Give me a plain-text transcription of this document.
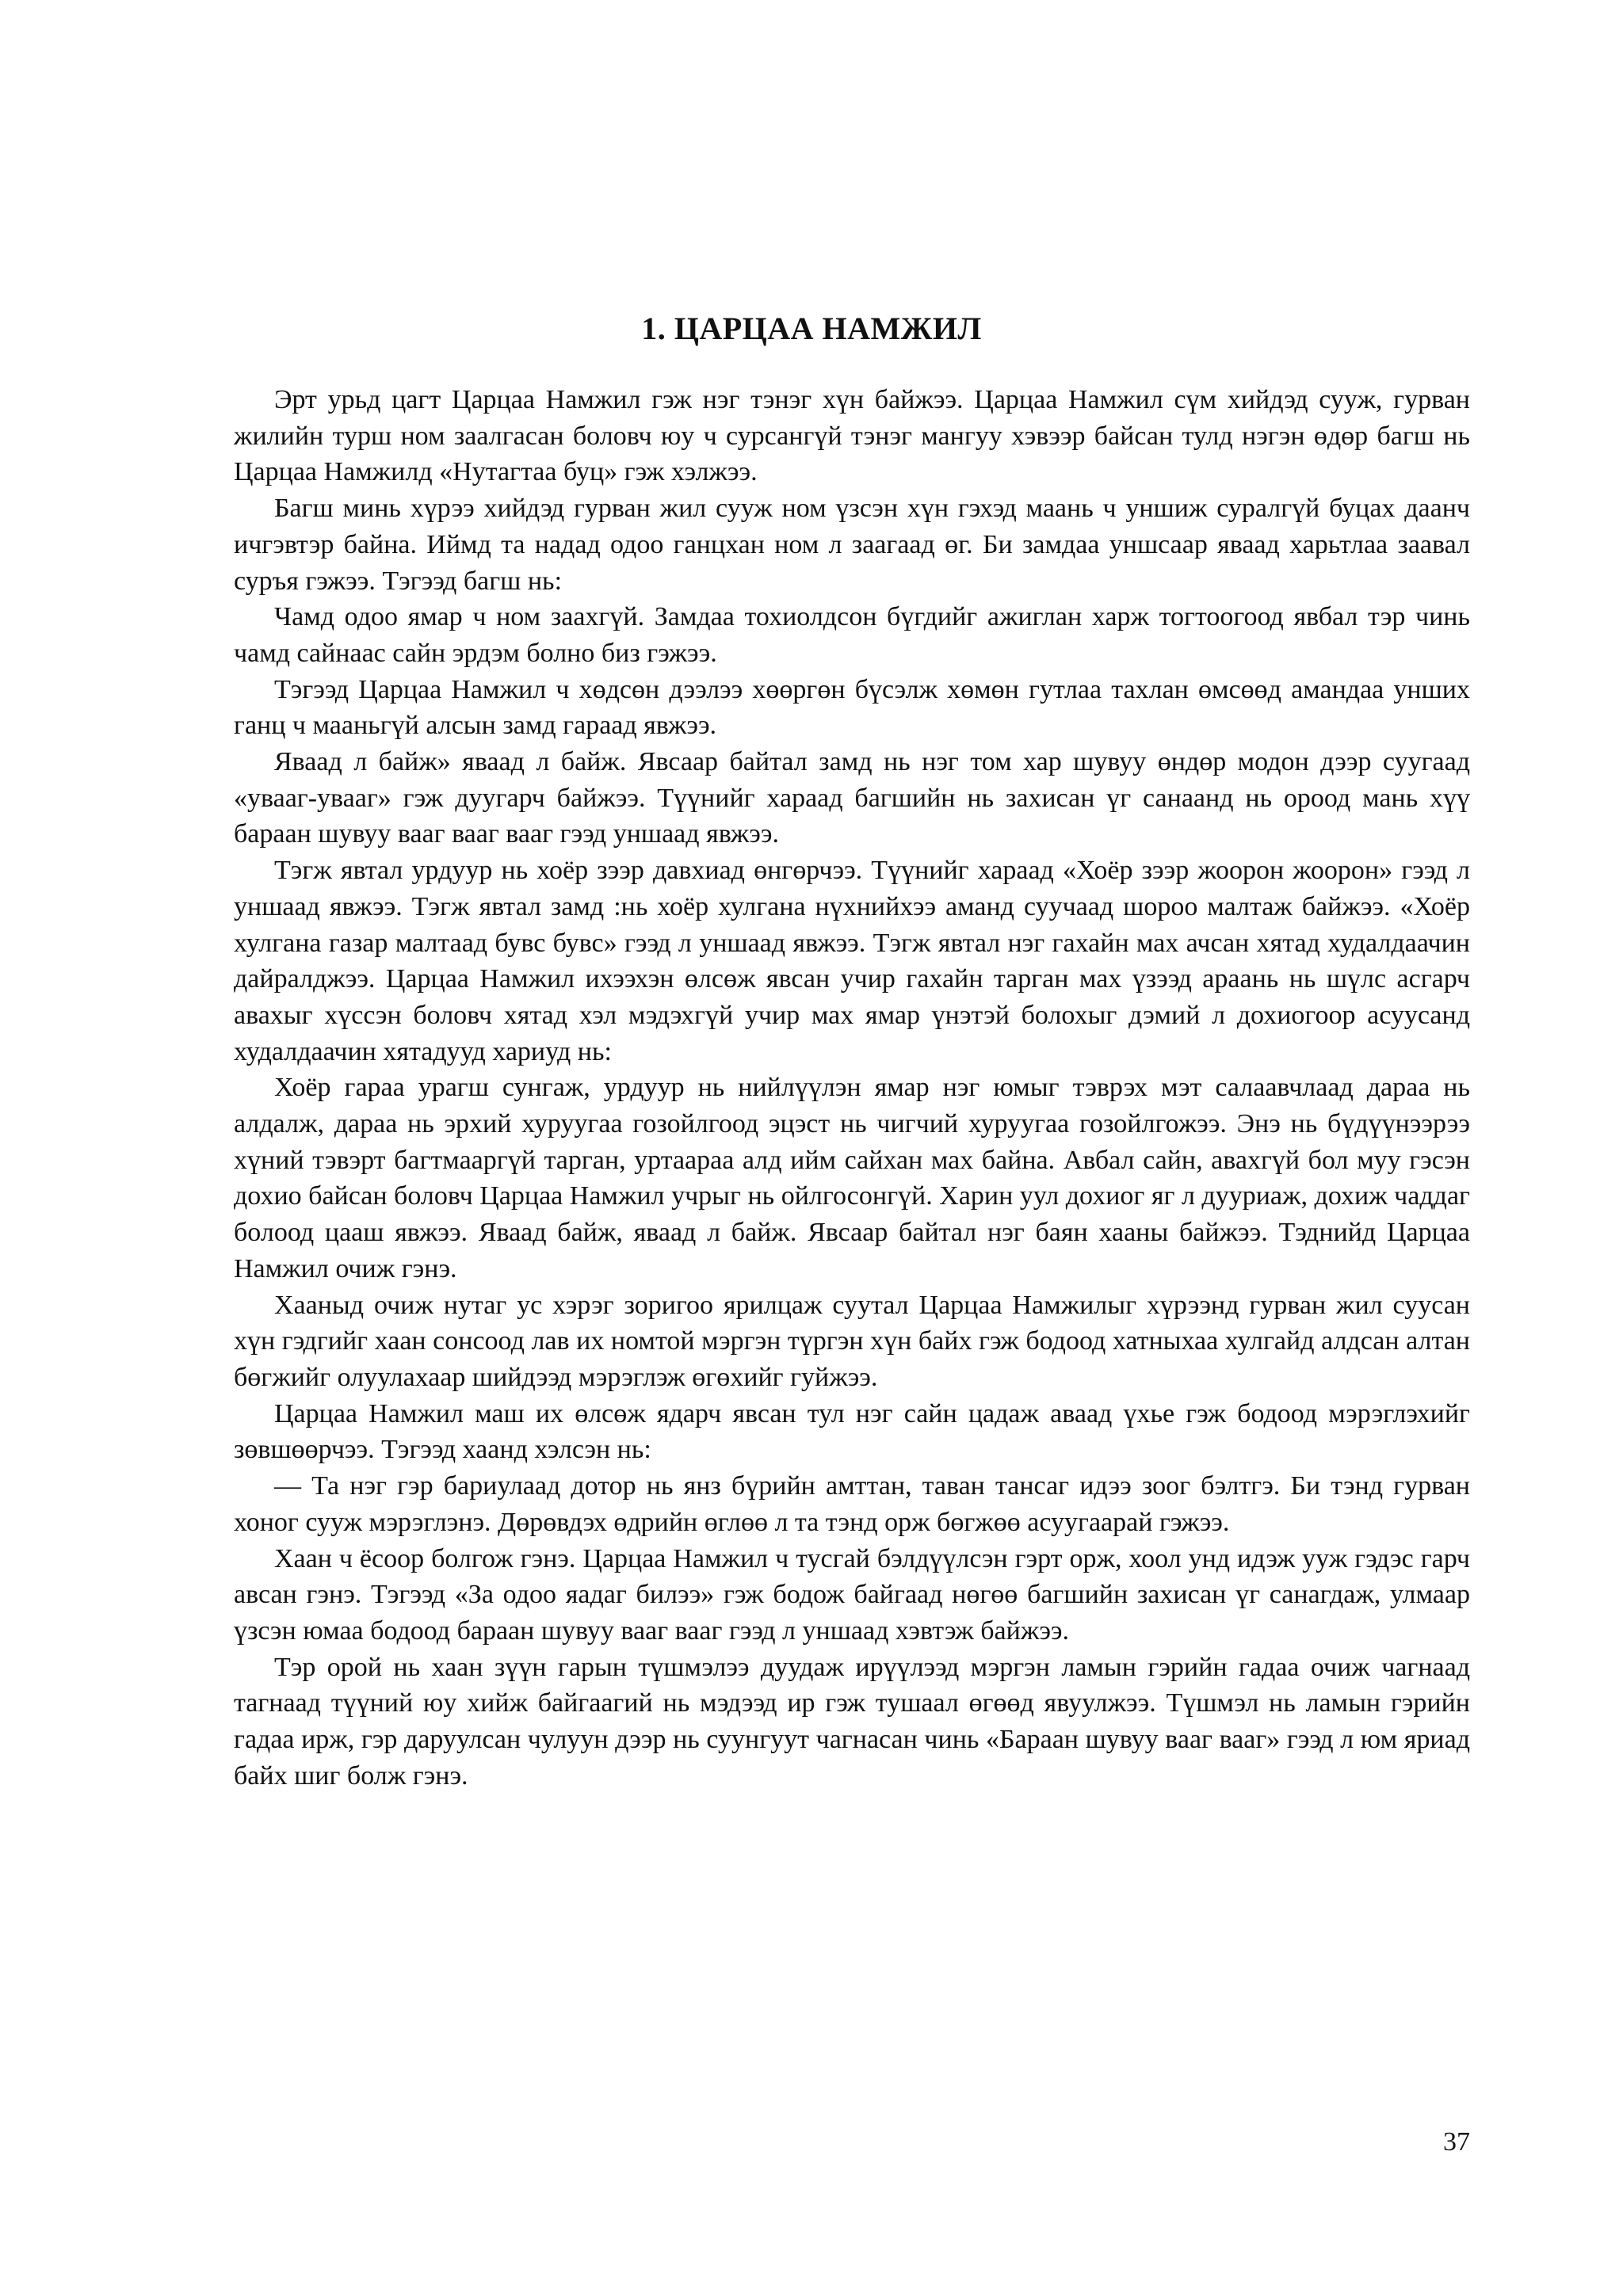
1. ЦАРЦАА НАМЖИЛ

Эрт урьд цагт Царцаа Намжил гэж нэг тэнэг хүн байжээ. Царцаа Намжил сүм хийдэд сууж, гурван жилийн турш ном заалгасан боловч юу ч сурсангүй тэнэг мангуу хэвээр байсан тулд нэгэн өдөр багш нь Царцаа Намжилд «Нутагтаа буц» гэж хэлжээ.

Багш минь хүрээ хийдэд гурван жил сууж ном үзсэн хүн гэхэд маань ч уншиж суралгүй буцах даанч ичгэвтэр байна. Иймд та надад одоо ганцхан ном л заагаад өг. Би замдаа уншсаар яваад харьтлаа заавал суръя гэжээ. Тэгээд багш нь:

Чамд одоо ямар ч ном заахгүй. Замдаа тохиолдсон бүгдийг ажиглан харж тогтоогоод явбал тэр чинь чамд сайнаас сайн эрдэм болно биз гэжээ.

Тэгээд Царцаа Намжил ч хөдсөн дээлээ хөөргөн бүсэлж хөмөн гутлаа тахлан өмсөөд амандаа унших ганц ч мааньгүй алсын замд гараад явжээ.

Яваад л байж» яваад л байж. Явсаар байтал замд нь нэг том хар шувуу өндөр модон дээр суугаад «увааг-увааг» гэж дуугарч байжээ. Түүнийг хараад багшийн нь захисан үг санаанд нь ороод мань хүү бараан шувуу вааг вааг вааг гээд уншаад явжээ.

Тэгж явтал урдуур нь хоёр зээр давхиад өнгөрчээ. Түүнийг хараад «Хоёр зээр жоорон жоорон» гээд л уншаад явжээ. Тэгж явтал замд :нь хоёр хулгана нүхнийхээ аманд суучаад шороо малтаж байжээ. «Хоёр хулгана газар малтаад бувс бувс» гээд л уншаад явжээ. Тэгж явтал нэг гахайн мах ачсан хятад худалдаачин дайралджээ. Царцаа Намжил ихээхэн өлсөж явсан учир гахайн тарган мах үзээд араань нь шүлс асгарч авахыг хүссэн боловч хятад хэл мэдэхгүй учир мах ямар үнэтэй болохыг дэмий л дохиогоор асуусанд худалдаачин хятадууд хариуд нь:

Хоёр гараа урагш сунгаж, урдуур нь нийлүүлэн ямар нэг юмыг тэврэх мэт салаавчлаад дараа нь алдалж, дараа нь эрхий хуруугаа гозойлгоод эцэст нь чигчий хуруугаа гозойлгожээ. Энэ нь бүдүүнээрээ хүний тэвэрт багтмааргүй тарган, уртаараа алд ийм сайхан мах байна. Авбал сайн, авахгүй бол муу гэсэн дохио байсан боловч Царцаа Намжил учрыг нь ойлгосонгүй. Харин уул дохиог яг л дууриаж, дохиж чаддаг болоод цааш явжээ. Яваад байж, яваад л байж. Явсаар байтал нэг баян хааны байжээ. Тэднийд Царцаа Намжил очиж гэнэ.

Хааныд очиж нутаг ус хэрэг зоригоо ярилцаж суутал Царцаа Намжилыг хүрээнд гурван жил суусан хүн гэдгийг хаан сонсоод лав их номтой мэргэн түргэн хүн байх гэж бодоод хатныхаа хулгайд алдсан алтан бөгжийг олуулахаар шийдээд мэрэглэж өгөхийг гуйжээ.

Царцаа Намжил маш их өлсөж ядарч явсан тул нэг сайн цадаж аваад үхье гэж бодоод мэрэглэхийг зөвшөөрчээ. Тэгээд хаанд хэлсэн нь:

— Та нэг гэр бариулаад дотор нь янз бүрийн амттан, таван тансаг идээ зоог бэлтгэ. Би тэнд гурван хоног сууж мэрэглэнэ. Дөрөвдэх өдрийн өглөө л та тэнд орж бөгжөө асуугаарай гэжээ.

Хаан ч ёсоор болгож гэнэ. Царцаа Намжил ч тусгай бэлдүүлсэн гэрт орж, хоол унд идэж ууж гэдэс гарч авсан гэнэ. Тэгээд «За одоо яадаг билээ» гэж бодож байгаад нөгөө багшийн захисан үг санагдаж, улмаар үзсэн юмаа бодоод бараан шувуу вааг вааг гээд л уншаад хэвтэж байжээ.

Тэр орой нь хаан зүүн гарын түшмэлээ дуудаж ирүүлээд мэргэн ламын гэрийн гадаа очиж чагнаад тагнаад түүний юу хийж байгаагий нь мэдээд ир гэж тушаал өгөөд явуулжээ. Түшмэл нь ламын гэрийн гадаа ирж, гэр даруулсан чулуун дээр нь суунгуут чагнасан чинь «Бараан шувуу вааг вааг» гээд л юм яриад байх шиг болж гэнэ.

37
